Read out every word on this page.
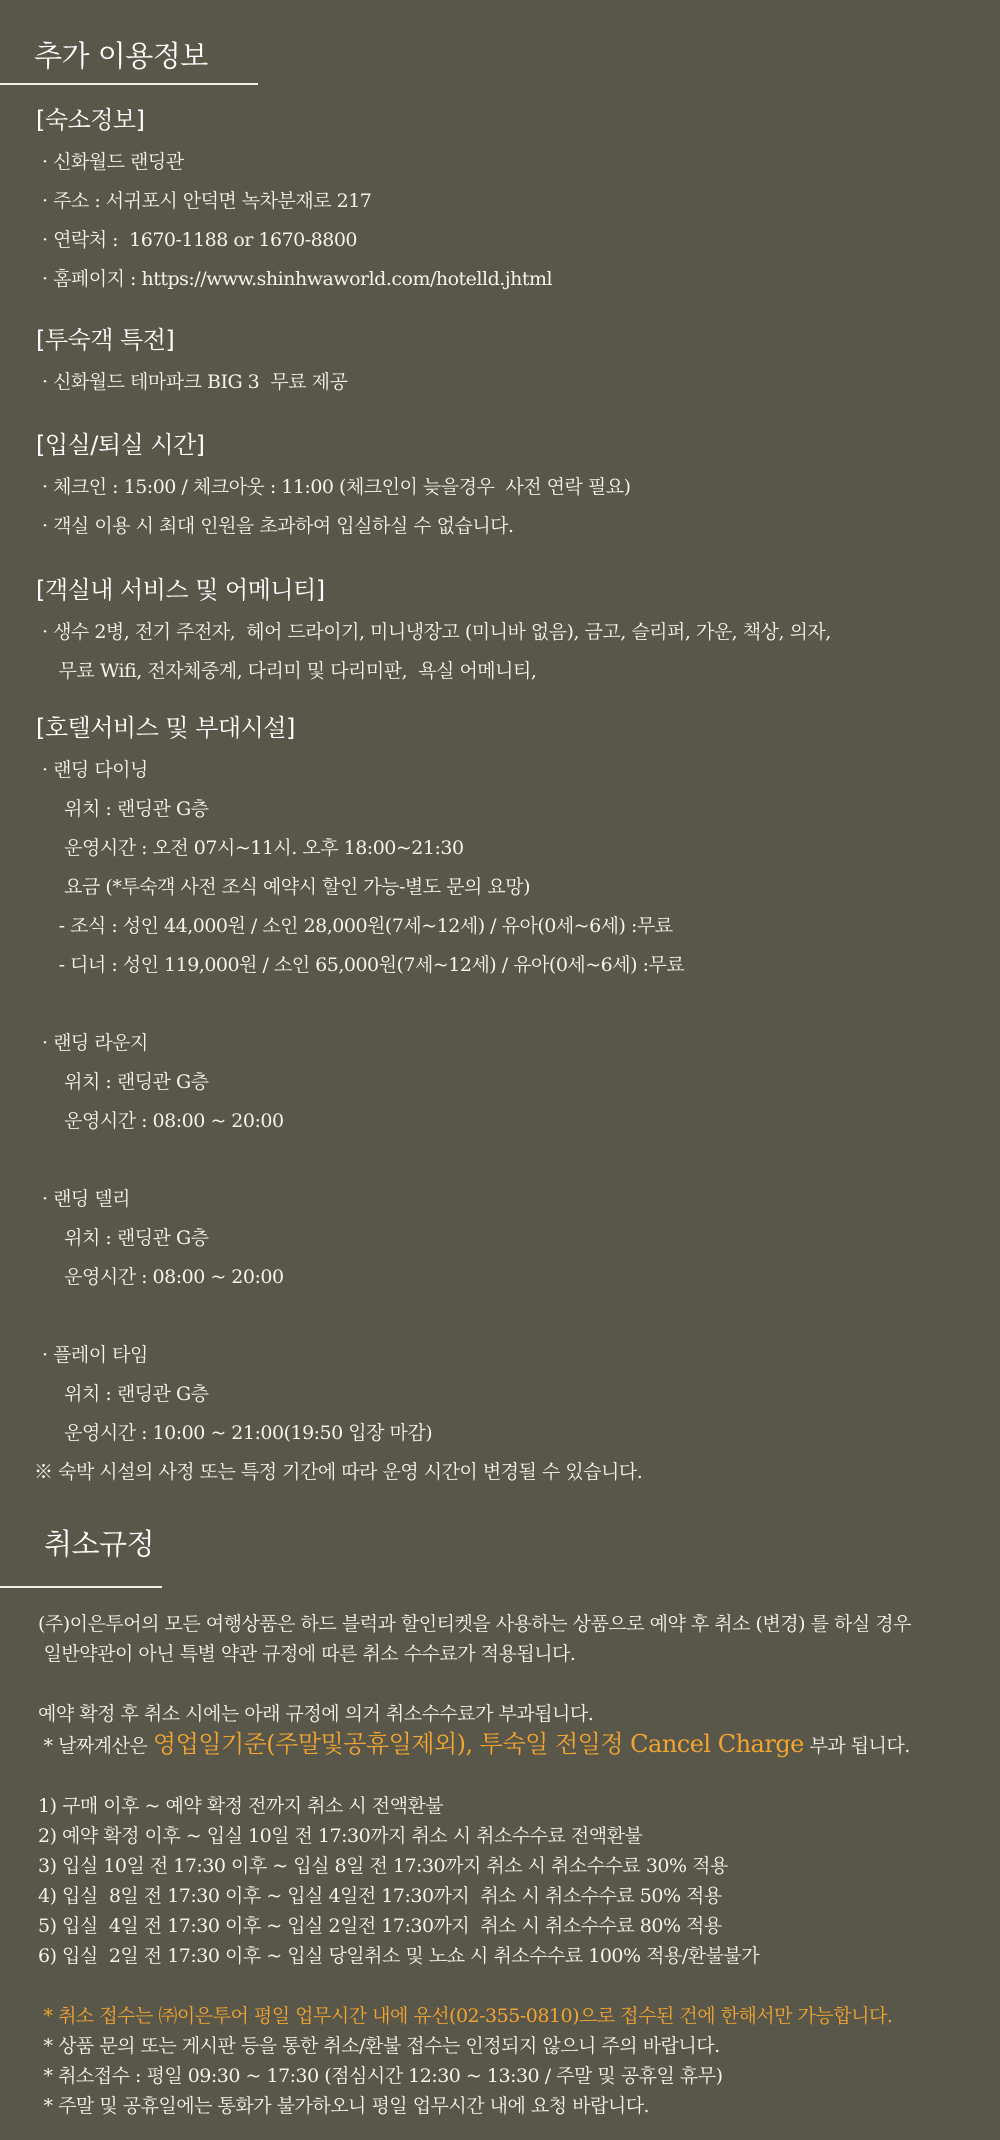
추가 이용정보
[숙소정보]
· 신화월드 랜딩관
· 주소 : 서귀포시 안덕면 녹차분재로 217
· 연락처 :  1670-1188 or 1670-8800
· 홈페이지 : https://www.shinhwaworld.com/hotelld.jhtml
[투숙객 특전]
· 신화월드 테마파크 BIG 3  무료 제공
[입실/퇴실 시간]
· 체크인 : 15:00 / 체크아웃 : 11:00 (체크인이 늦을경우  사전 연락 필요)
· 객실 이용 시 최대 인원을 초과하여 입실하실 수 없습니다.
[객실내 서비스 및 어메니티]
· 생수 2병, 전기 주전자,  헤어 드라이기, 미니냉장고 (미니바 없음), 금고, 슬리퍼, 가운, 책상, 의자,
무료 Wifi, 전자체중계, 다리미 및 다리미판,  욕실 어메니티,
[호텔서비스 및 부대시설]
· 랜딩 다이닝
위치 : 랜딩관 G층
운영시간 : 오전 07시~11시. 오후 18:00~21:30
요금 (*투숙객 사전 조식 예약시 할인 가능-별도 문의 요망)
- 조식 : 성인 44,000원 / 소인 28,000원(7세~12세) / 유아(0세~6세) :무료
- 디너 : 성인 119,000원 / 소인 65,000원(7세~12세) / 유아(0세~6세) :무료
· 랜딩 라운지
위치 : 랜딩관 G층
운영시간 : 08:00 ~ 20:00
· 랜딩 델리
위치 : 랜딩관 G층
운영시간 : 08:00 ~ 20:00
· 플레이 타임
위치 : 랜딩관 G층
운영시간 : 10:00 ~ 21:00(19:50 입장 마감)
※ 숙박 시설의 사정 또는 특정 기간에 따라 운영 시간이 변경될 수 있습니다.
취소규정
(주)이은투어의 모든 여행상품은 하드 블럭과 할인티켓을 사용하는 상품으로 예약 후 취소 (변경) 를 하실 경우
일반약관이 아닌 특별 약관 규정에 따른 취소 수수료가 적용됩니다.
예약 확정 후 취소 시에는 아래 규정에 의거 취소수수료가 부과됩니다.
* 날짜계산은 영업일기준(주말및공휴일제외), 투숙일 전일정 Cancel Charge 부과 됩니다.
1) 구매 이후 ~ 예약 확정 전까지 취소 시 전액환불
2) 예약 확정 이후 ~ 입실 10일 전 17:30까지 취소 시 취소수수료 전액환불
3) 입실 10일 전 17:30 이후 ~ 입실 8일 전 17:30까지 취소 시 취소수수료 30% 적용
4) 입실  8일 전 17:30 이후 ~ 입실 4일전 17:30까지  취소 시 취소수수료 50% 적용
5) 입실  4일 전 17:30 이후 ~ 입실 2일전 17:30까지  취소 시 취소수수료 80% 적용
6) 입실  2일 전 17:30 이후 ~ 입실 당일취소 및 노쇼 시 취소수수료 100% 적용/환불불가
* 취소 접수는 ㈜이은투어 평일 업무시간 내에 유선(02-355-0810)으로 접수된 건에 한해서만 가능합니다.
* 상품 문의 또는 게시판 등을 통한 취소/환불 접수는 인정되지 않으니 주의 바랍니다.
* 취소접수 : 평일 09:30 ~ 17:30 (점심시간 12:30 ~ 13:30 / 주말 및 공휴일 휴무)
* 주말 및 공휴일에는 통화가 불가하오니 평일 업무시간 내에 요청 바랍니다.
